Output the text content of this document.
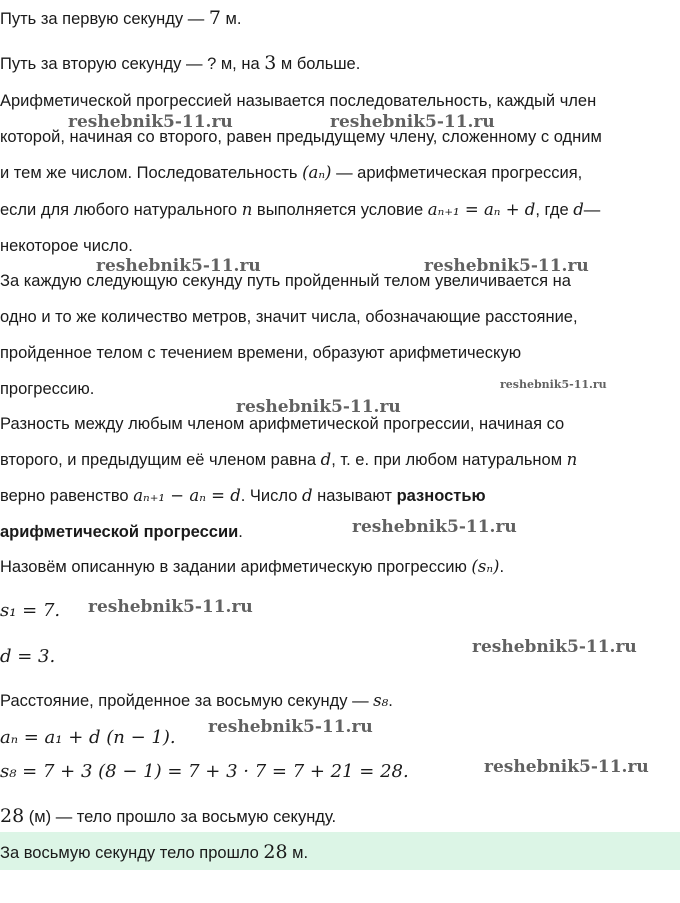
Путь за первую секунду — 7 м.
Путь за вторую секунду — ? м, на 3 м больше.
Арифметической прогрессией называется последовательность, каждый член
которой, начиная со второго, равен предыдущему члену, сложенному с одним
и тем же числом. Последовательность (aₙ) — арифметическая прогрессия,
если для любого натурального n выполняется условие aₙ₊₁ = aₙ + d, где d—
некоторое число.
За каждую следующую секунду путь пройденный телом увеличивается на
одно и то же количество метров, значит числа, обозначающие расстояние,
пройденное телом с течением времени, образуют арифметическую
прогрессию.
Разность между любым членом арифметической прогрессии, начиная со
второго, и предыдущим её членом равна d, т. е. при любом натуральном n
верно равенство aₙ₊₁ − aₙ = d. Число d называют разностью
арифметической прогрессии.
Назовём описанную в задании арифметическую прогрессию (sₙ).
s₁ = 7.
d = 3.
Расстояние, пройденное за восьмую секунду — s₈.
aₙ = a₁ + d (n − 1).
s₈ = 7 + 3 (8 − 1) = 7 + 3 · 7 = 7 + 21 = 28.
28 (м) — тело прошло за восьмую секунду.
За восьмую секунду тело прошло 28 м.
reshebnik5-11.ru	reshebnik5-11.ru
reshebnik5-11.ru	reshebnik5-11.ru
reshebnik5-11.ru
reshebnik5-11.ru
reshebnik5-11.ru
reshebnik5-11.ru
reshebnik5-11.ru
reshebnik5-11.ru
reshebnik5-11.ru
